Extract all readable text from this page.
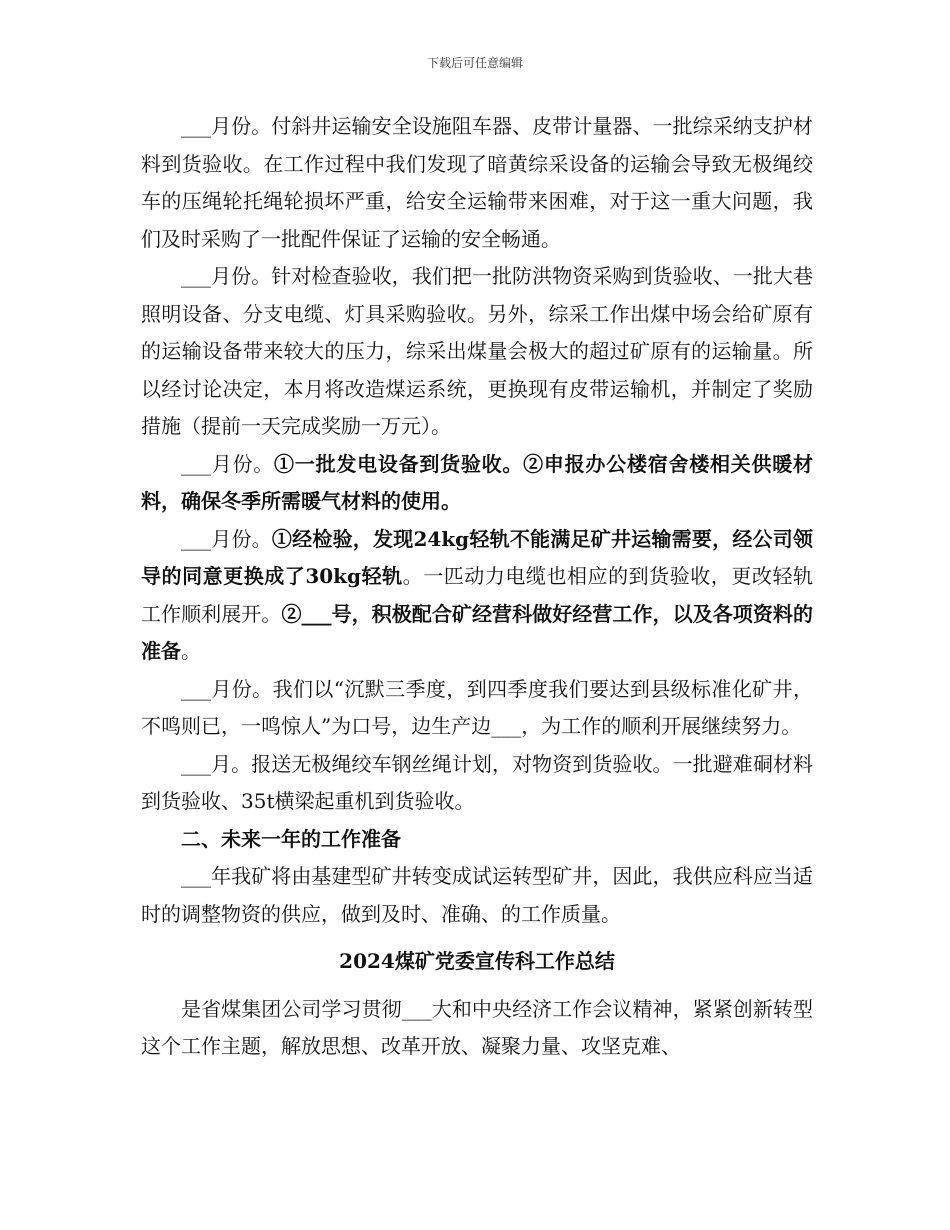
下载后可任意编辑

___月份。付斜井运输安全设施阻车器、皮带计量器、一批综采纳支护材料到货验收。在工作过程中我们发现了暗黄综采设备的运输会导致无极绳绞车的压绳轮托绳轮损坏严重，给安全运输带来困难，对于这一重大问题，我们及时采购了一批配件保证了运输的安全畅通。

___月份。针对检查验收，我们把一批防洪物资采购到货验收、一批大巷照明设备、分支电缆、灯具采购验收。另外，综采工作出煤中场会给矿原有的运输设备带来较大的压力，综采出煤量会极大的超过矿原有的运输量。所以经讨论决定，本月将改造煤运系统，更换现有皮带运输机，并制定了奖励措施（提前一天完成奖励一万元）。

___月份。①一批发电设备到货验收。②申报办公楼宿舍楼相关供暖材料，确保冬季所需暖气材料的使用。

___月份。①经检验，发现24kg轻轨不能满足矿井运输需要，经公司领导的同意更换成了30kg轻轨。一匹动力电缆也相应的到货验收，更改轻轨工作顺利展开。②___号，积极配合矿经营科做好经营工作，以及各项资料的准备。

___月份。我们以“沉默三季度，到四季度我们要达到县级标准化矿井，不鸣则已，一鸣惊人”为口号，边生产边___，为工作的顺利开展继续努力。

___月。报送无极绳绞车钢丝绳计划，对物资到货验收。一批避难硐材料到货验收、35t横梁起重机到货验收。

二、未来一年的工作准备

___年我矿将由基建型矿井转变成试运转型矿井，因此，我供应科应当适时的调整物资的供应，做到及时、准确、的工作质量。

2024煤矿党委宣传科工作总结

是省煤集团公司学习贯彻___大和中央经济工作会议精神，紧紧创新转型这个工作主题，解放思想、改革开放、凝聚力量、攻坚克难、
